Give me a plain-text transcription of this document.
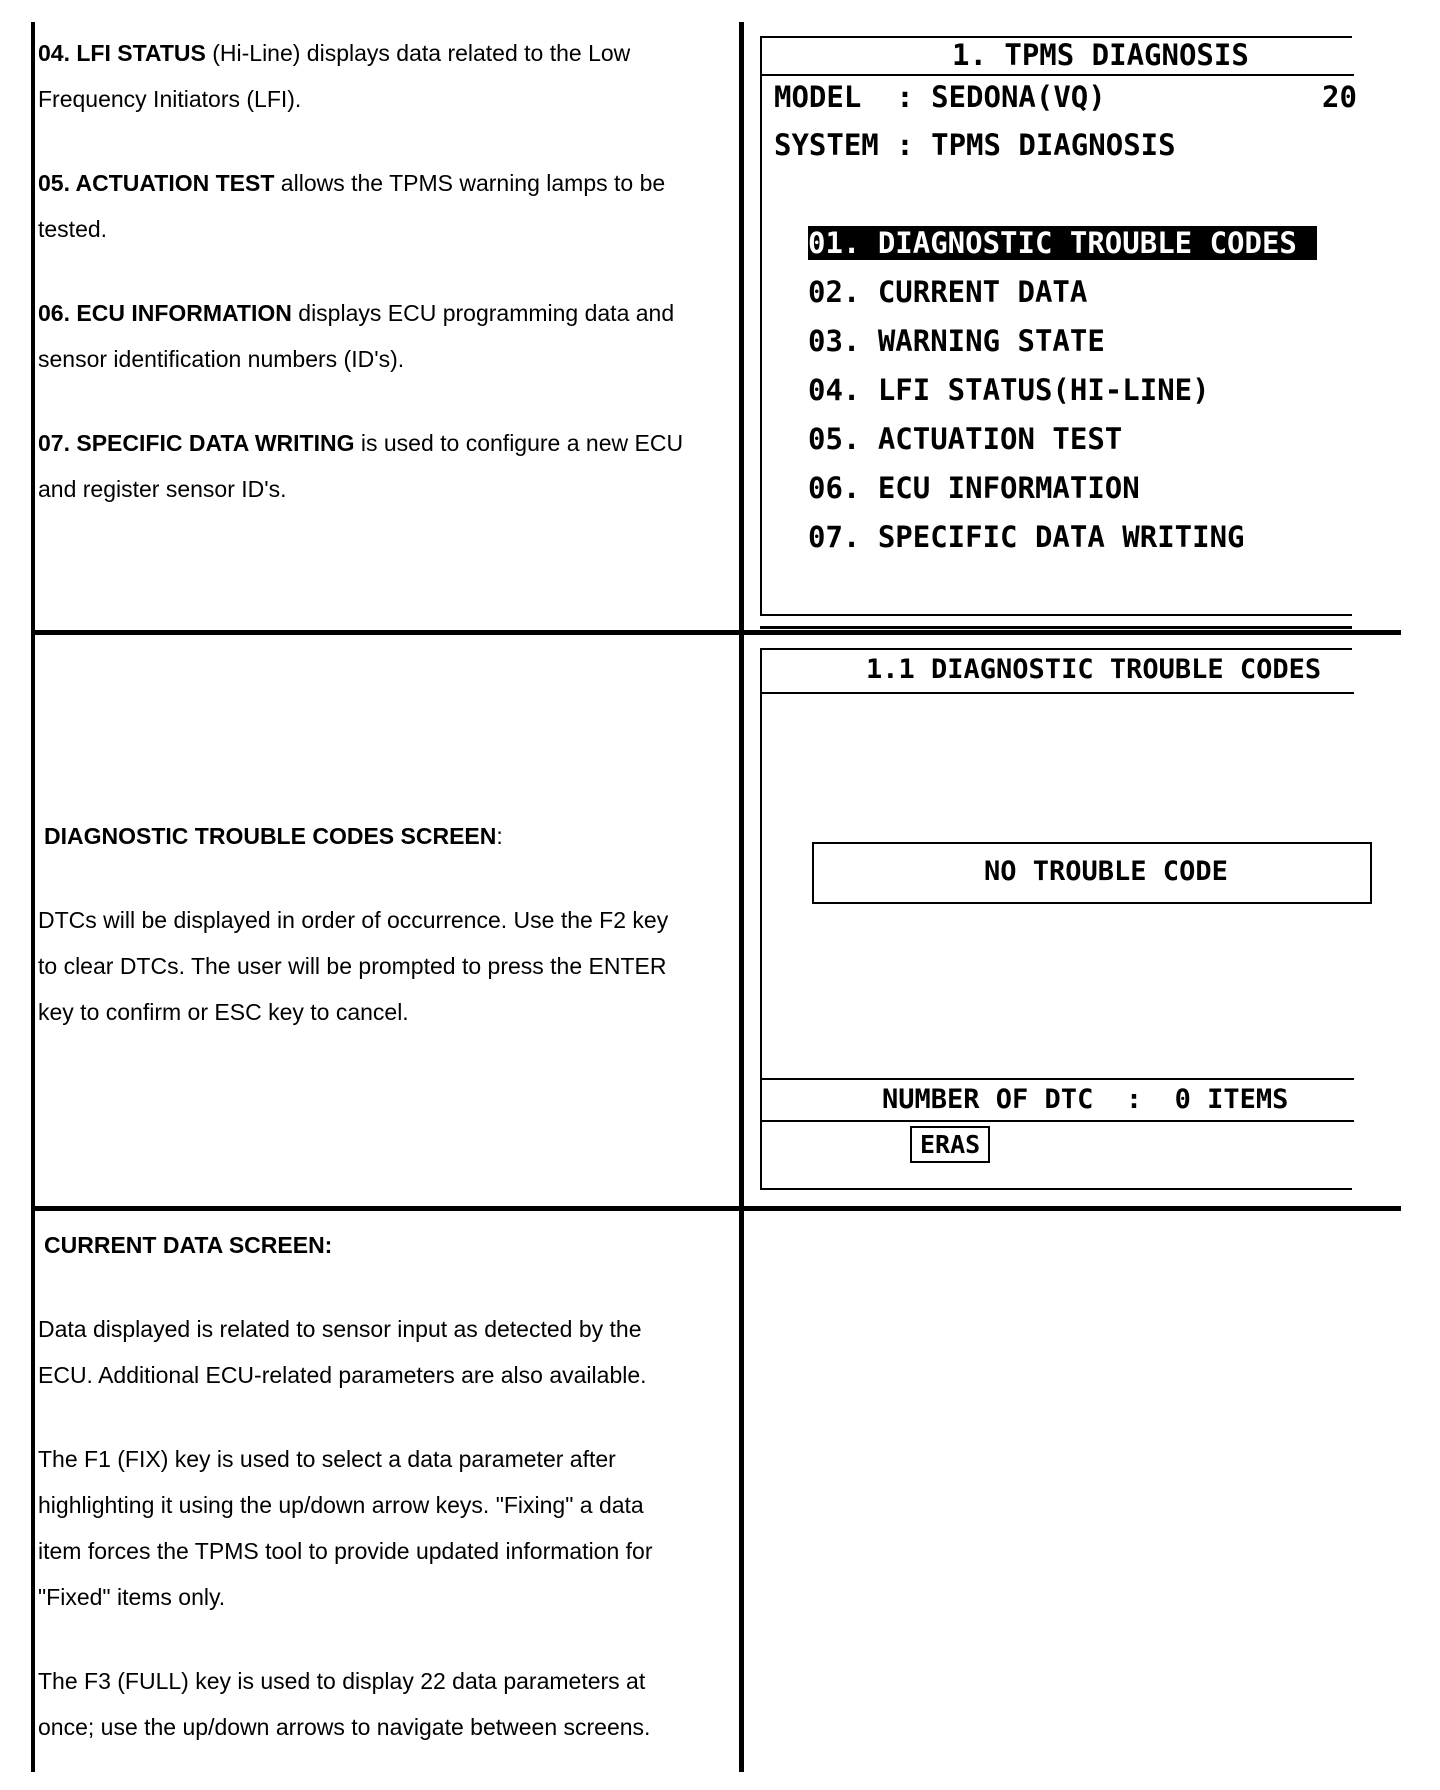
04. LFI STATUS (Hi-Line) displays data related to the Low
Frequency Initiators (LFI).

05. ACTUATION TEST allows the TPMS warning lamps to be
tested.

06. ECU INFORMATION displays ECU programming data and
sensor identification numbers (ID's).

07. SPECIFIC DATA WRITING is used to configure a new ECU
and register sensor ID's.

1. TPMS DIAGNOSIS
MODEL  : SEDONA(VQ)	20
SYSTEM : TPMS DIAGNOSIS
01. DIAGNOSTIC TROUBLE CODES
02. CURRENT DATA
03. WARNING STATE
04. LFI STATUS(HI-LINE)
05. ACTUATION TEST
06. ECU INFORMATION
07. SPECIFIC DATA WRITING

DIAGNOSTIC TROUBLE CODES SCREEN:

DTCs will be displayed in order of occurrence. Use the F2 key
to clear DTCs. The user will be prompted to press the ENTER
key to confirm or ESC key to cancel.

1.1 DIAGNOSTIC TROUBLE CODES
NO TROUBLE CODE
NUMBER OF DTC  :  0 ITEMS
ERAS

CURRENT DATA SCREEN:

Data displayed is related to sensor input as detected by the
ECU. Additional ECU-related parameters are also available.

The F1 (FIX) key is used to select a data parameter after
highlighting it using the up/down arrow keys. "Fixing" a data
item forces the TPMS tool to provide updated information for
"Fixed" items only.

The F3 (FULL) key is used to display 22 data parameters at
once; use the up/down arrows to navigate between screens.
